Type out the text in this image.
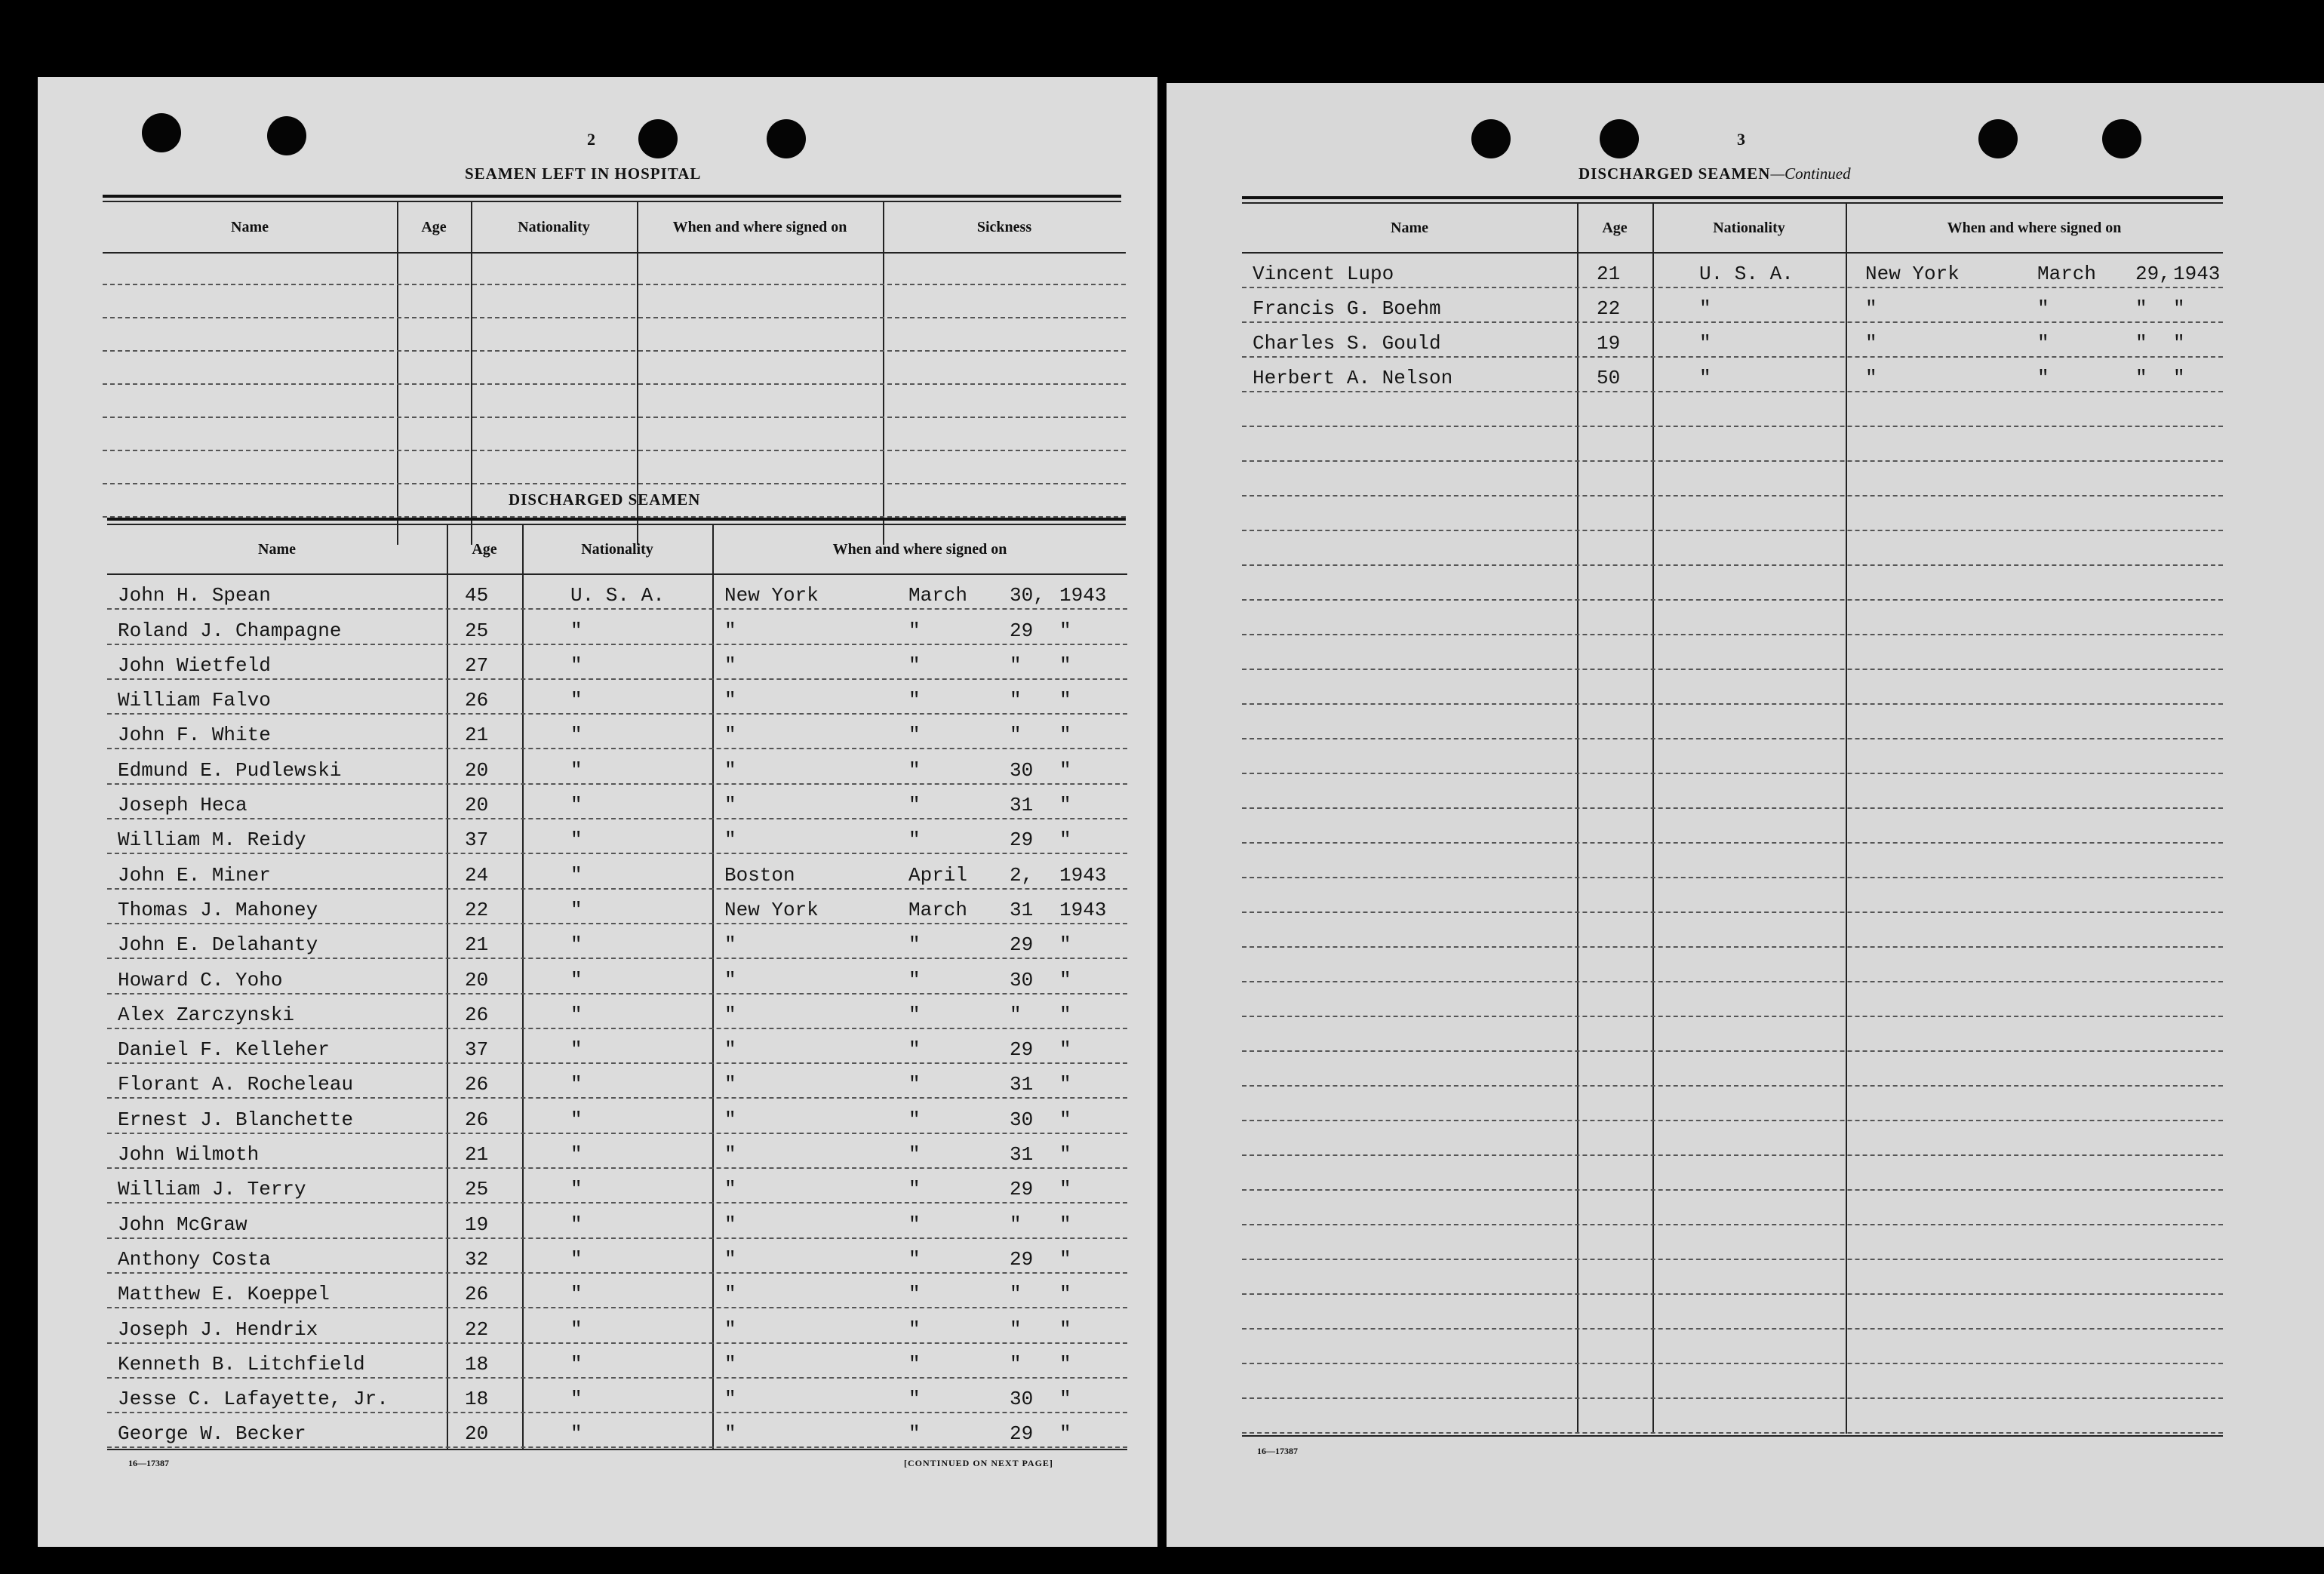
2
SEAMEN LEFT IN HOSPITAL
Name	Age	Nationality	When and where signed on	Sickness
DISCHARGED SEAMEN
Name	Age	Nationality	When and where signed on
John H. Spean	45	U. S. A.	New York	March 30, 1943
Roland J. Champagne	25	"	"	"	29 "
John Wietfeld	27	"	"	"	" "
William Falvo	26	"	"	"	" "
John F. White	21	"	"	"	" "
Edmund E. Pudlewski	20	"	"	"	30 "
Joseph Heca	20	"	"	"	31 "
William M. Reidy	37	"	"	"	29 "
John E. Miner	24	"	Boston	April 2, 1943
Thomas J. Mahoney	22	"	New York	March 31 1943
John E. Delahanty	21	"	"	"	29 "
Howard C. Yoho	20	"	"	"	30 "
Alex Zarczynski	26	"	"	"	" "
Daniel F. Kelleher	37	"	"	"	29 "
Florant A. Rocheleau	26	"	"	"	31 "
Ernest J. Blanchette	26	"	"	"	30 "
John Wilmoth	21	"	"	"	31 "
William J. Terry	25	"	"	"	29 "
John McGraw	19	"	"	"	" "
Anthony Costa	32	"	"	"	29 "
Matthew E. Koeppel	26	"	"	"	" "
Joseph J. Hendrix	22	"	"	"	" "
Kenneth B. Litchfield	18	"	"	"	" "
Jesse C. Lafayette, Jr.	18	"	"	"	30 "
George W. Becker	20	"	"	"	29 "
16—17387	[CONTINUED ON NEXT PAGE]
3
DISCHARGED SEAMEN—Continued
Name	Age	Nationality	When and where signed on
Vincent Lupo	21	U. S. A.	New York	March 29, 1943
Francis G. Boehm	22	"	"	"	" "
Charles S. Gould	19	"	"	"	" "
Herbert A. Nelson	50	"	"	"	" "
16—17387
